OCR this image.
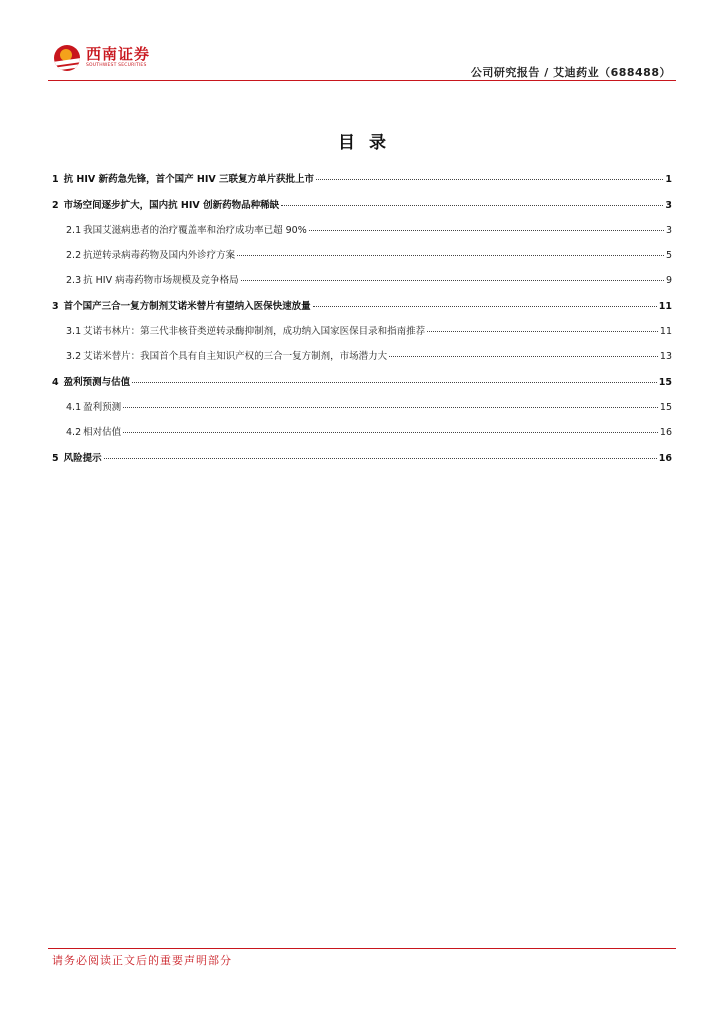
西南证券
SOUTHWEST SECURITIES
公司研究报告 / 艾迪药业（688488）
目录
1 抗 HIV 新药急先锋，首个国产 HIV 三联复方单片获批上市	1
2 市场空间逐步扩大，国内抗 HIV 创新药物品种稀缺	3
2.1 我国艾滋病患者的治疗覆盖率和治疗成功率已超 90%	3
2.2 抗逆转录病毒药物及国内外诊疗方案	5
2.3 抗 HIV 病毒药物市场规模及竞争格局	9
3 首个国产三合一复方制剂艾诺米替片有望纳入医保快速放量	11
3.1 艾诺韦林片：第三代非核苷类逆转录酶抑制剂，成功纳入国家医保目录和指南推荐	11
3.2 艾诺米替片：我国首个具有自主知识产权的三合一复方制剂，市场潜力大	13
4 盈利预测与估值	15
4.1 盈利预测	15
4.2 相对估值	16
5 风险提示	16
请务必阅读正文后的重要声明部分
